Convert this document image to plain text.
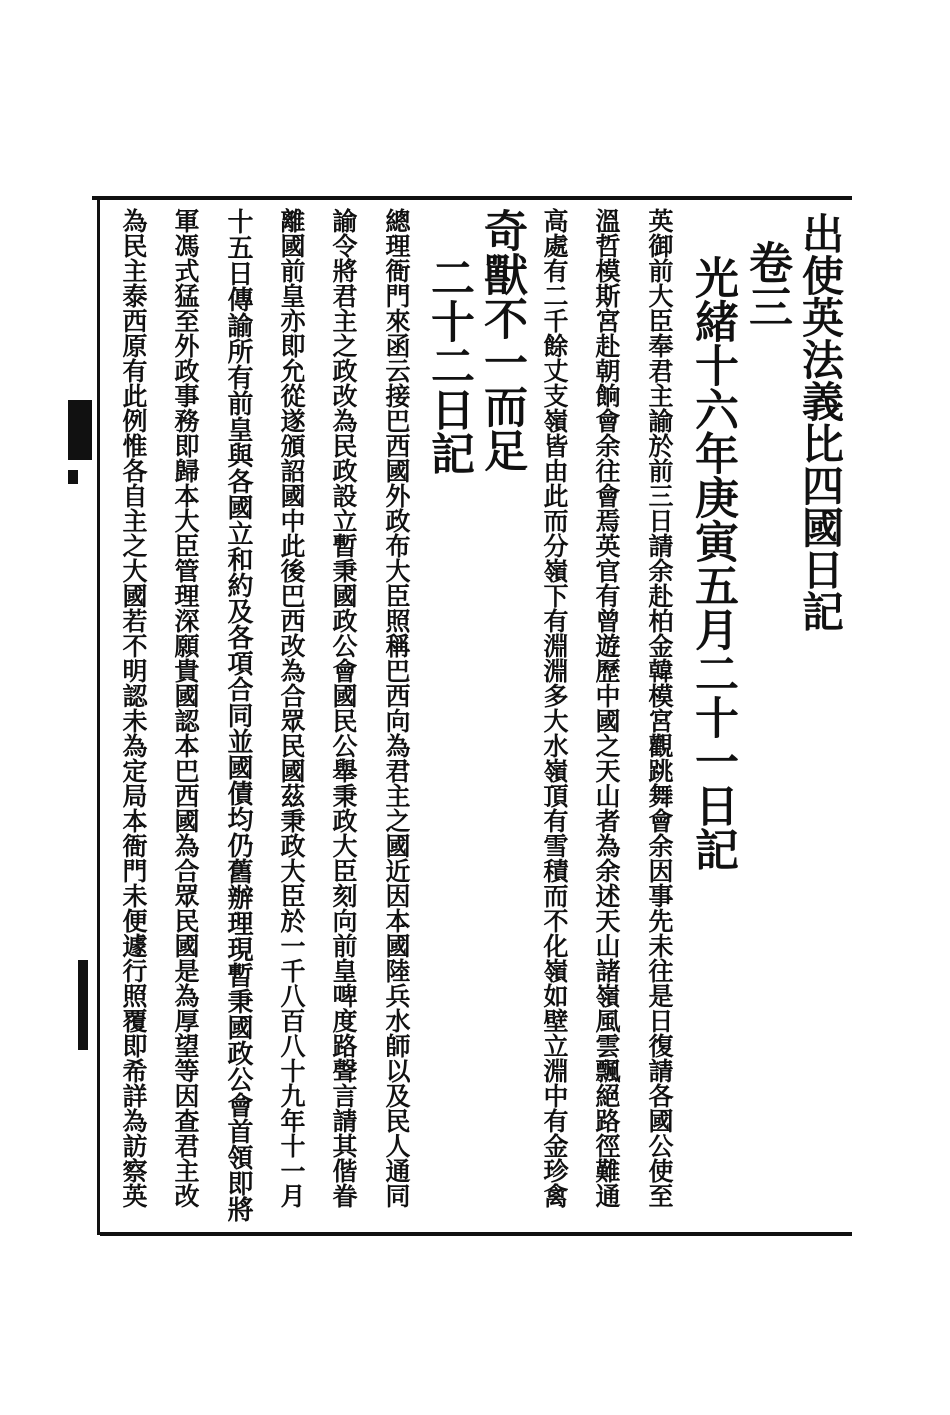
出使英法義比四國日記
卷三
光緒十六年庚寅五月二十一日記
英御前大臣奉君主諭於前三日請余赴柏金韓模宮觀跳舞會余因事先未往是日復請各國公使至
溫哲模斯宮赴朝餉會余往會焉英官有曾遊歷中國之天山者為余述天山諸嶺風雲飄絕路徑難通
高處有二千餘丈支嶺皆由此而分嶺下有淵淵多大水嶺頂有雪積而不化嶺如壁立淵中有金珍禽
奇獸不一而足
二十二日記
總理衙門來函云接巴西國外政布大臣照稱巴西向為君主之國近因本國陸兵水師以及民人通同
諭令將君主之政改為民政設立暫秉國政公會國民公舉秉政大臣刻向前皇啤度路聲言請其偕眷
離國前皇亦即允從遂頒詔國中此後巴西改為合眾民國茲秉政大臣於一千八百八十九年十一月
十五日傳諭所有前皇與各國立和約及各項合同並國債均仍舊辦理現暫秉國政公會首領即將
軍馮式猛至外政事務即歸本大臣管理深願貴國認本巴西國為合眾民國是為厚望等因查君主改
為民主泰西原有此例惟各自主之大國若不明認未為定局本衙門未便遽行照覆即希詳為訪察英
